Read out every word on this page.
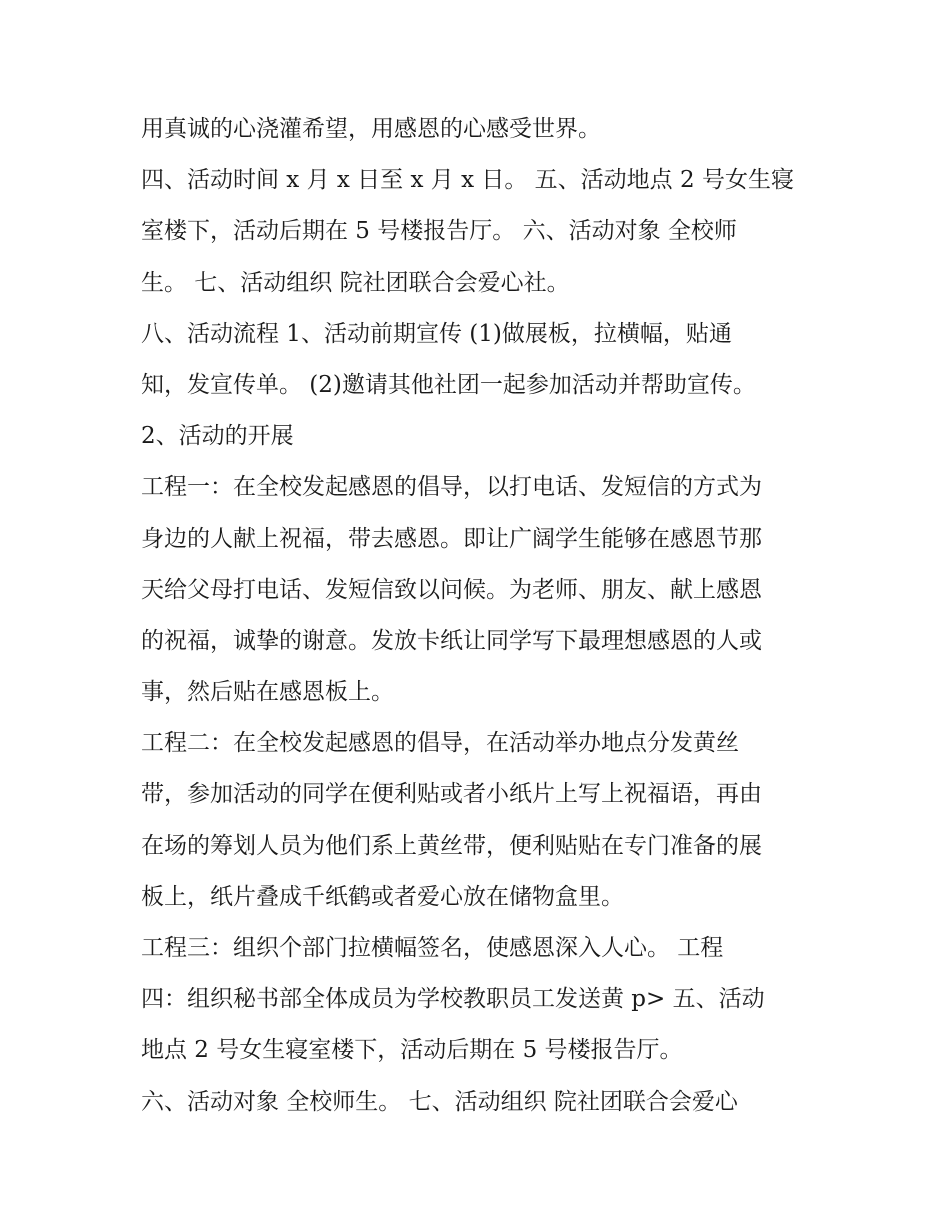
用真诚的心浇灌希望，用感恩的心感受世界。
四、活动时间 x 月 x 日至 x 月 x 日。 五、活动地点 2 号女生寝
室楼下，活动后期在 5 号楼报告厅。 六、活动对象 全校师
生。 七、活动组织 院社团联合会爱心社。
八、活动流程 1、活动前期宣传 (1)做展板，拉横幅，贴通
知，发宣传单。 (2)邀请其他社团一起参加活动并帮助宣传。
2、活动的开展
工程一：在全校发起感恩的倡导，以打电话、发短信的方式为
身边的人献上祝福，带去感恩。即让广阔学生能够在感恩节那
天给父母打电话、发短信致以问候。为老师、朋友、献上感恩
的祝福，诚挚的谢意。发放卡纸让同学写下最理想感恩的人或
事，然后贴在感恩板上。
工程二：在全校发起感恩的倡导，在活动举办地点分发黄丝
带，参加活动的同学在便利贴或者小纸片上写上祝福语，再由
在场的筹划人员为他们系上黄丝带，便利贴贴在专门准备的展
板上，纸片叠成千纸鹤或者爱心放在储物盒里。
工程三：组织个部门拉横幅签名，使感恩深入人心。 工程
四：组织秘书部全体成员为学校教职员工发送黄 p> 五、活动
地点 2 号女生寝室楼下，活动后期在 5 号楼报告厅。
六、活动对象 全校师生。 七、活动组织 院社团联合会爱心
